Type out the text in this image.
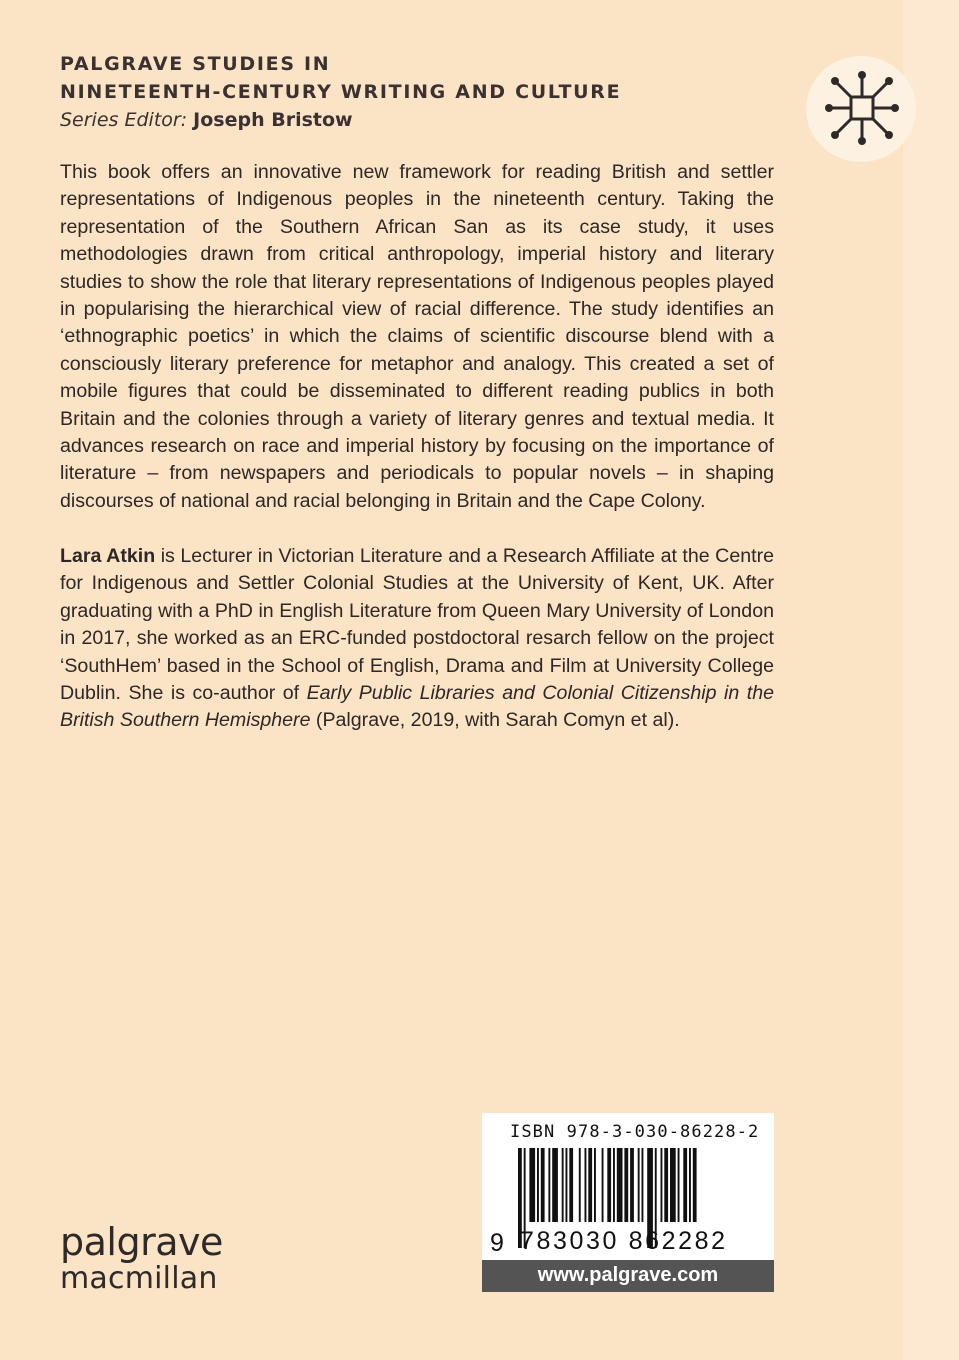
PALGRAVE STUDIES IN

NINETEENTH-CENTURY WRITING AND CULTURE

Series Editor: Joseph Bristow

This book offers an innovative new framework for reading British and settler representations of Indigenous peoples in the nineteenth century. Taking the representation of the Southern African San as its case study, it uses methodologies drawn from critical anthropology, imperial history and literary studies to show the role that literary representations of Indigenous peoples played in popularising the hierarchical view of racial difference. The study identifies an ‘ethnographic poetics’ in which the claims of scientific discourse blend with a consciously literary preference for metaphor and analogy. This created a set of mobile figures that could be disseminated to different reading publics in both Britain and the colonies through a variety of literary genres and textual media. It advances research on race and imperial history by focusing on the importance of literature – from newspapers and periodicals to popular novels – in shaping discourses of national and racial belonging in Britain and the Cape Colony.

Lara Atkin is Lecturer in Victorian Literature and a Research Affiliate at the Centre for Indigenous and Settler Colonial Studies at the University of Kent, UK. After graduating with a PhD in English Literature from Queen Mary University of London in 2017, she worked as an ERC-funded postdoctoral resarch fellow on the project ‘SouthHem’ based in the School of English, Drama and Film at University College Dublin. She is co-author of Early Public Libraries and Colonial Citizenship in the British Southern Hemisphere (Palgrave, 2019, with Sarah Comyn et al).

palgrave
macmillan
ISBN 978-3-030-86228-2
9 783030 862282
www.palgrave.com
